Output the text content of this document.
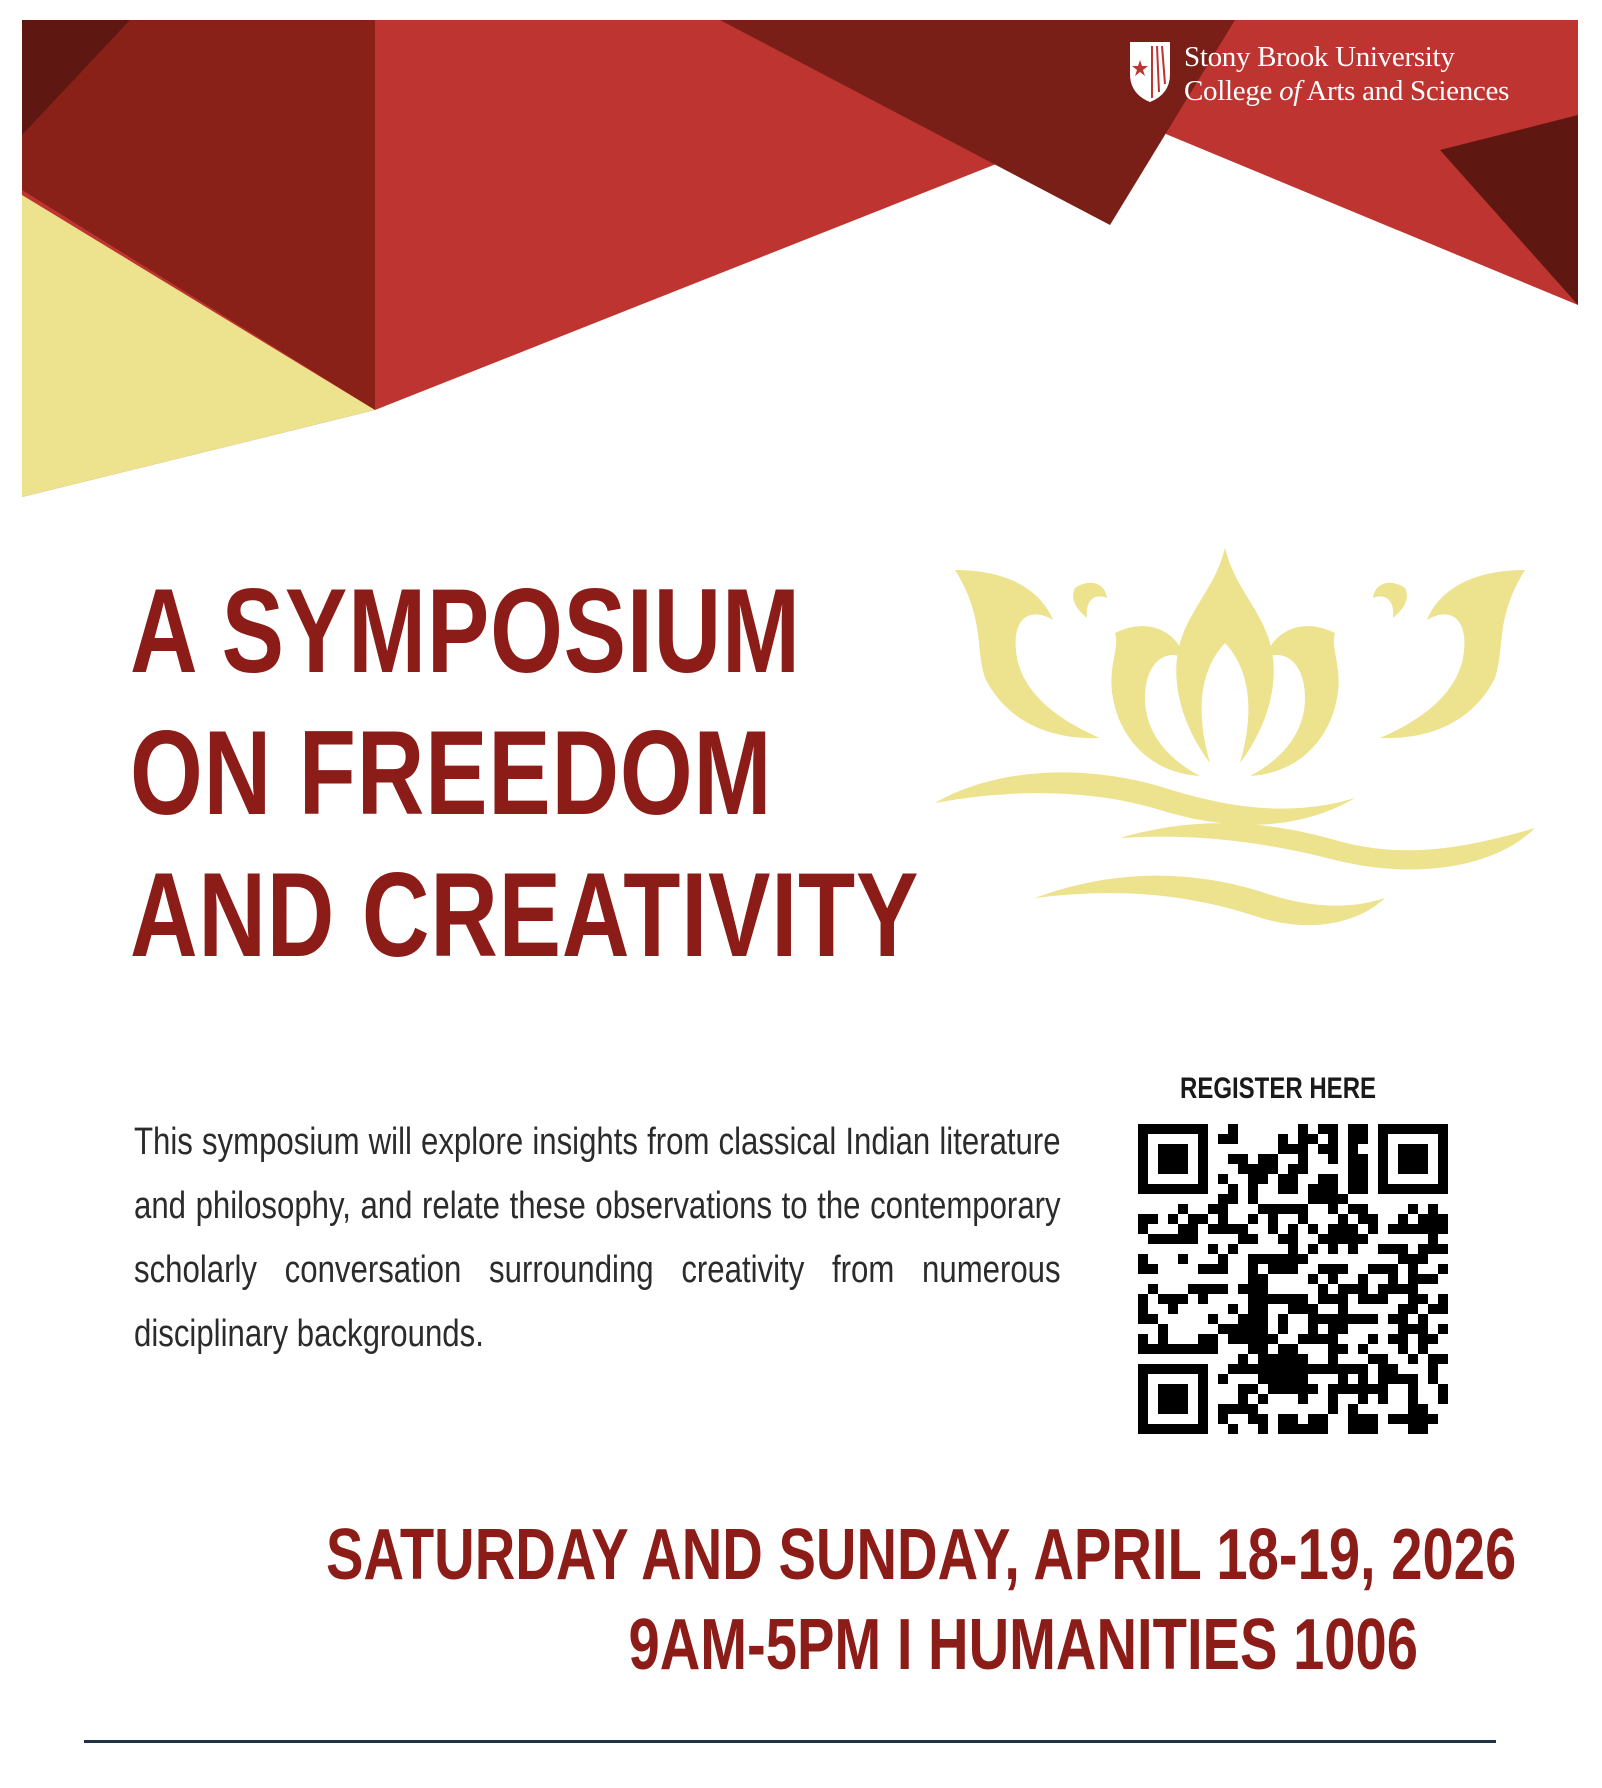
Stony Brook University
College of Arts and Sciences
A SYMPOSIUM
ON FREEDOM
AND CREATIVITY

This symposium will explore insights from classical Indian literature and philosophy, and relate these observations to the contemporary scholarly conversation surrounding creativity from numerous disciplinary backgrounds.

REGISTER HERE
SATURDAY AND SUNDAY, APRIL 18-19, 2026
9AM-5PM I HUMANITIES 1006
